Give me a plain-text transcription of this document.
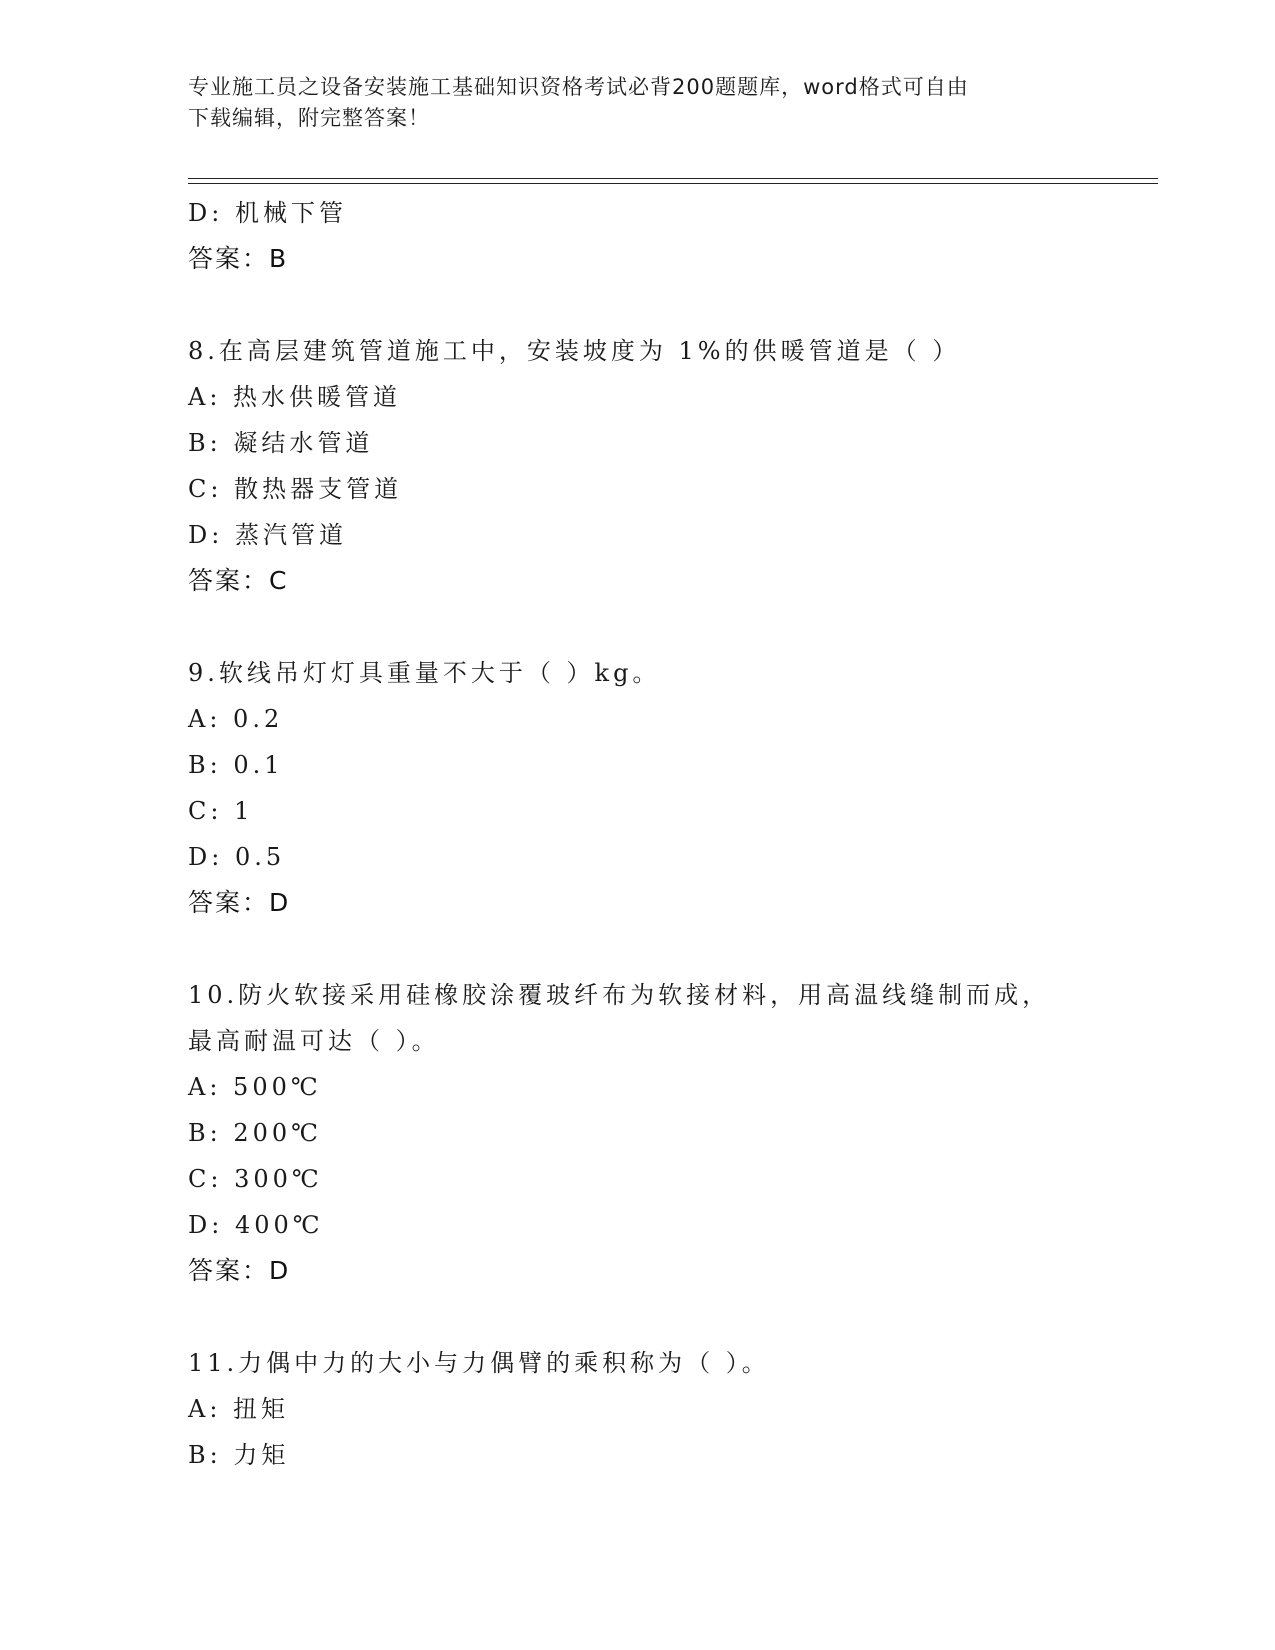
专业施工员之设备安装施工基础知识资格考试必背200题题库，word格式可自由
下载编辑，附完整答案！
D: 机械下管
答案：B
8.在高层建筑管道施工中，安装坡度为 1%的供暖管道是（ ）
A: 热水供暖管道
B: 凝结水管道
C: 散热器支管道
D: 蒸汽管道
答案：C
9.软线吊灯灯具重量不大于（ ）kg。
A: 0.2
B: 0.1
C: 1
D: 0.5
答案：D
10.防火软接采用硅橡胶涂覆玻纤布为软接材料，用高温线缝制而成，
最高耐温可达（ ）。
A: 500℃
B: 200℃
C: 300℃
D: 400℃
答案：D
11.力偶中力的大小与力偶臂的乘积称为（ ）。
A: 扭矩
B: 力矩
